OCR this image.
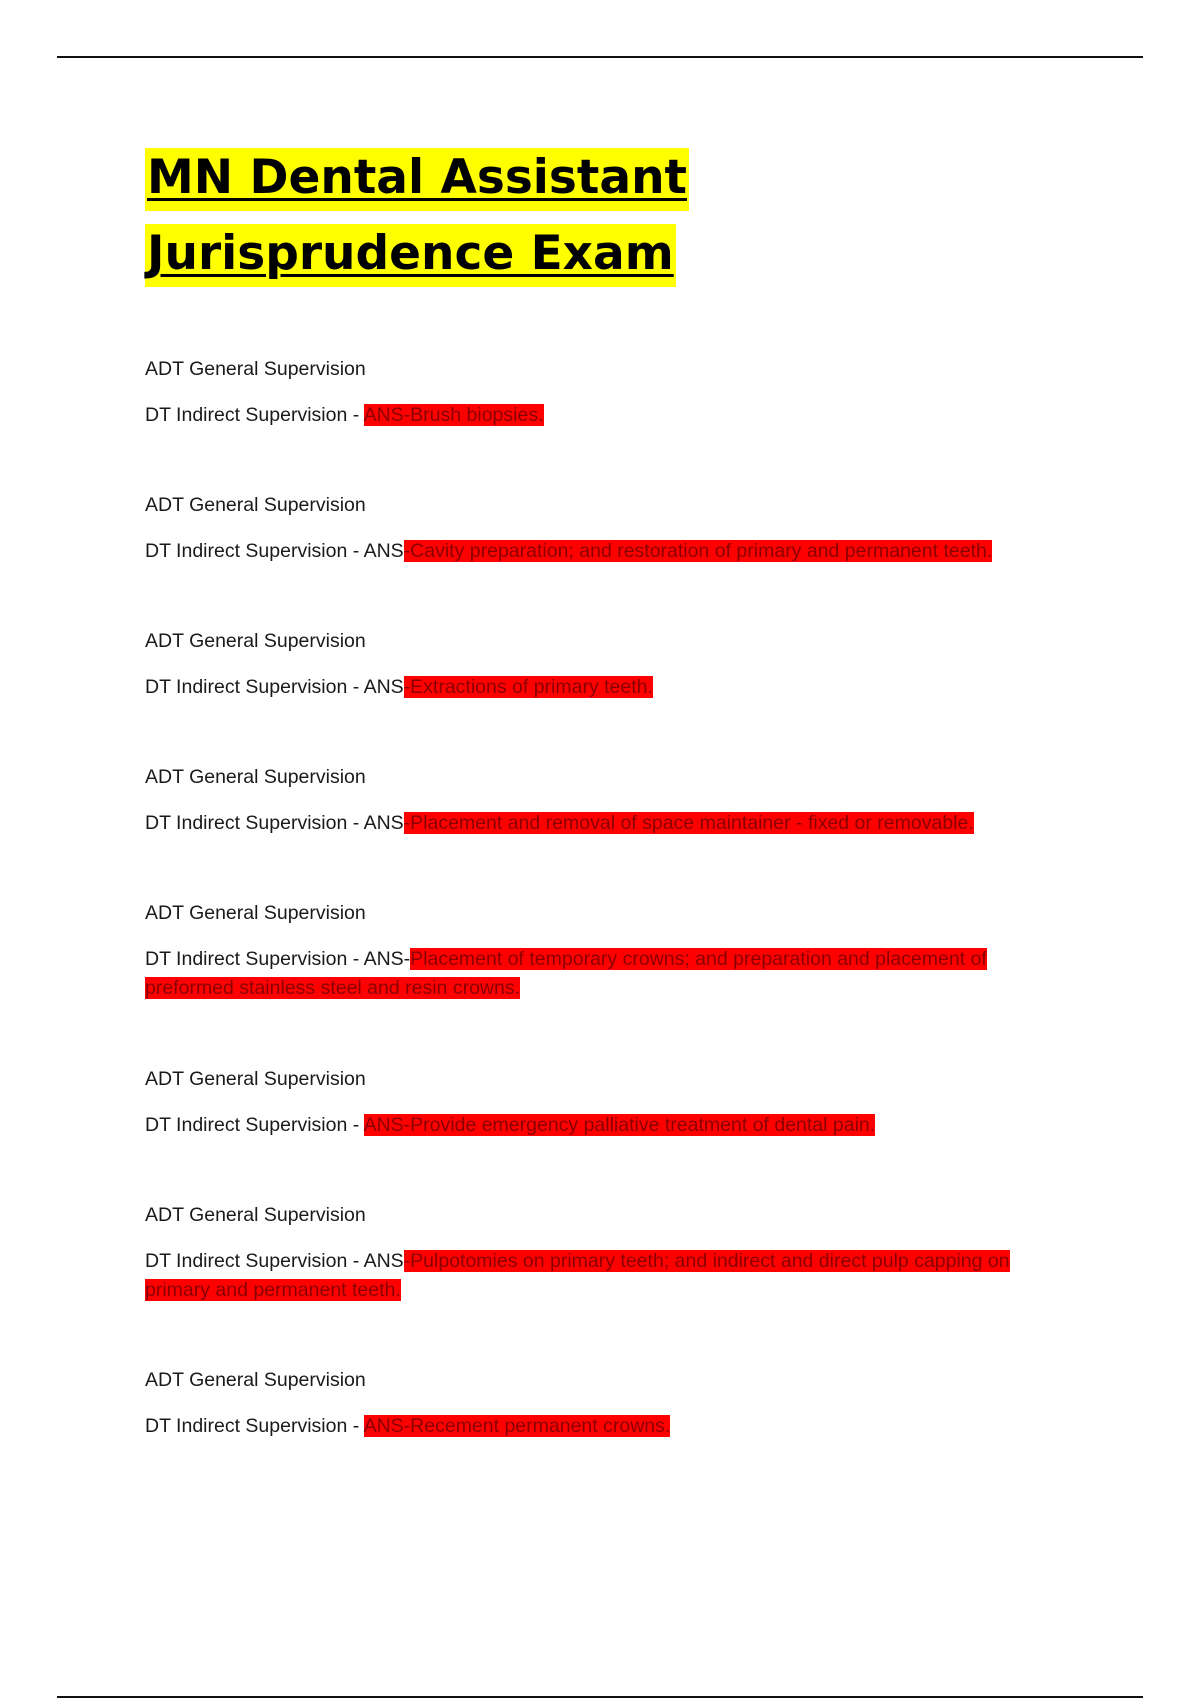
MN Dental Assistant Jurisprudence Exam

ADT General Supervision

DT Indirect Supervision - ANS-Brush biopsies.

ADT General Supervision

DT Indirect Supervision - ANS-Cavity preparation; and restoration of primary and permanent teeth.

ADT General Supervision

DT Indirect Supervision - ANS-Extractions of primary teeth.

ADT General Supervision

DT Indirect Supervision - ANS-Placement and removal of space maintainer - fixed or removable.

ADT General Supervision

DT Indirect Supervision - ANS-Placement of temporary crowns; and preparation and placement of preformed stainless steel and resin crowns.

ADT General Supervision

DT Indirect Supervision - ANS-Provide emergency palliative treatment of dental pain.

ADT General Supervision

DT Indirect Supervision - ANS-Pulpotomies on primary teeth; and indirect and direct pulp capping on primary and permanent teeth.

ADT General Supervision

DT Indirect Supervision - ANS-Recement permanent crowns.
